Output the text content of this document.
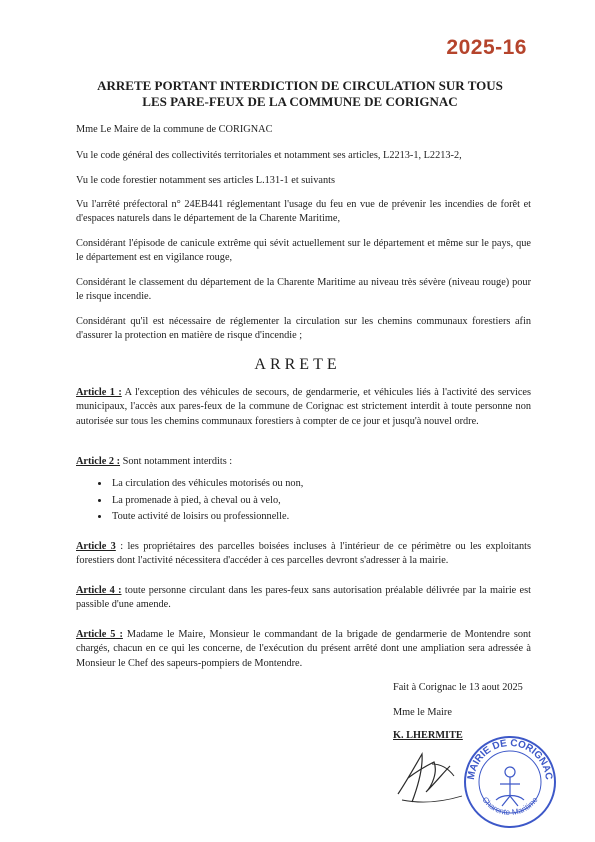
2025-16
ARRETE PORTANT INTERDICTION DE CIRCULATION SUR TOUS
LES PARE-FEUX DE LA COMMUNE DE CORIGNAC
Mme Le Maire de la commune de CORIGNAC
Vu le code général des collectivités territoriales et notamment ses articles, L2213-1, L2213-2,
Vu le code forestier notamment ses articles L.131-1 et suivants
Vu l'arrêté préfectoral n° 24EB441 réglementant l'usage du feu en vue de prévenir les incendies de forêt et d'espaces naturels dans le département de la Charente Maritime,
Considérant l'épisode de canicule extrême qui sévit actuellement sur le département et même sur le pays, que le département est en vigilance rouge,
Considérant le classement du département de la Charente Maritime au niveau très sévère (niveau rouge) pour le risque incendie.
Considérant qu'il est nécessaire de réglementer la circulation sur les chemins communaux forestiers afin d'assurer la protection en matière de risque d'incendie ;
ARRETE
Article 1 : A l'exception des véhicules de secours, de gendarmerie, et véhicules liés à l'activité des services municipaux, l'accès aux pares-feux de la commune de Corignac est strictement interdit à toute personne non autorisée sur tous les chemins communaux forestiers à compter de ce jour et jusqu'à nouvel ordre.
Article 2 : Sont notamment interdits :
• La circulation des véhicules motorisés ou non,
• La promenade à pied, à cheval ou à velo,
• Toute activité de loisirs ou professionnelle.
Article 3 : les propriétaires des parcelles boisées incluses à l'intérieur de ce périmètre ou les exploitants forestiers dont l'activité nécessitera d'accéder à ces parcelles devront s'adresser à la mairie.
Article 4 : toute personne circulant dans les pares-feux sans autorisation préalable délivrée par la mairie est passible d'une amende.
Article 5 : Madame le Maire, Monsieur le commandant de la brigade de gendarmerie de Montendre sont chargés, chacun en ce qui les concerne, de l'exécution du présent arrêté dont une ampliation sera adressée à Monsieur le Chef des sapeurs-pompiers de Montendre.
Fait à Corignac le 13 aout 2025
Mme le Maire
K. LHERMITE
MAIRIE DE CORIGNAC
Charente-Maritime
